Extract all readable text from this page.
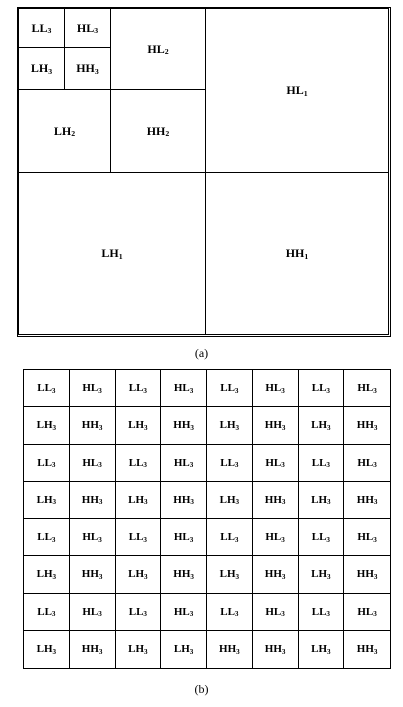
LL 3 HL 3
LH 3 HH 3
HL 2
LH 2	HH 2
HL 1
LH 1	HH 1
(a)
LL 3 HL 3 LL 3 HL 3 LL 3 HL 3 LL 3 HL 3
LH 3 HH 3 LH 3 HH 3 LH 3 HH 3 LH 3 HH 3
LL 3 HL 3 LL 3 HL 3 LL 3 HL 3 LL 3 HL 3
LH 3 HH 3 LH 3 HH 3 LH 3 HH 3 LH 3 HH 3
LL 3 HL 3 LL 3 HL 3 LL 3 HL 3 LL 3 HL 3
LH 3 HH 3 LH 3 HH 3 LH 3 HH 3 LH 3 HH 3
LL 3 HL 3 LL 3 HL 3 LL 3 HL 3 LL 3 HL 3
LH 3 HH 3 LH 3 LH 3 HH 3 HH 3 LH 3 HH 3
(b)
